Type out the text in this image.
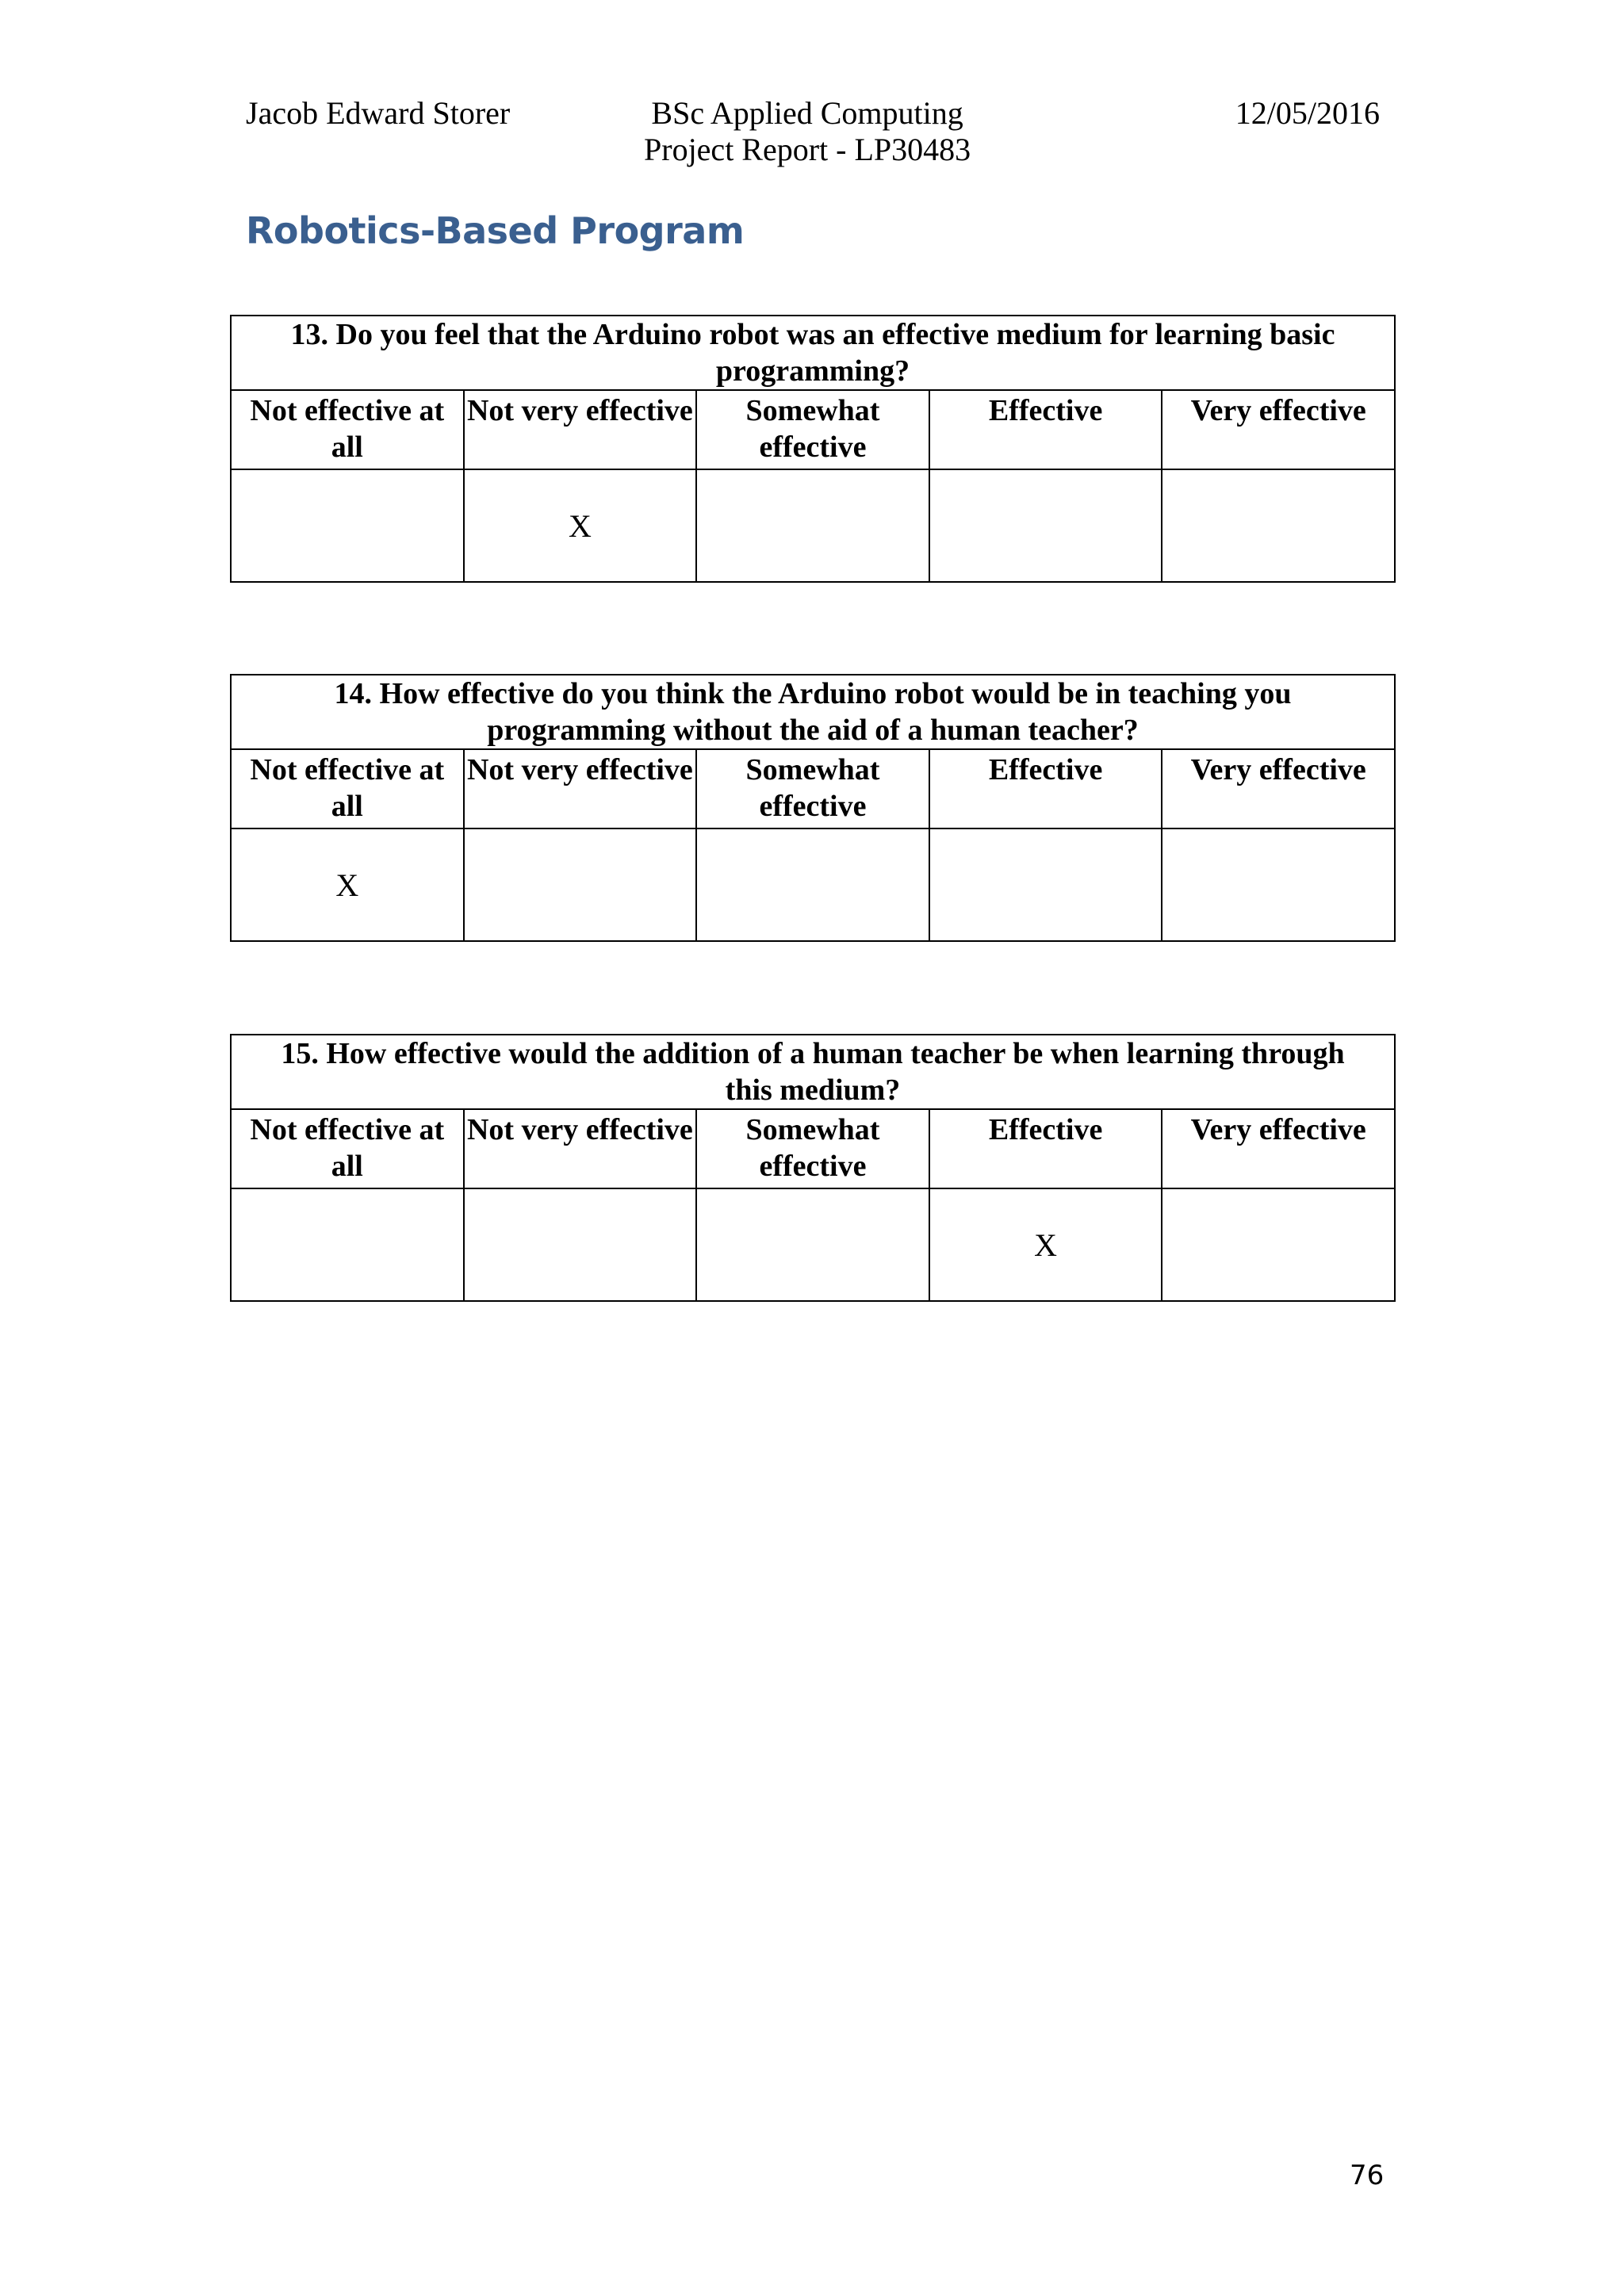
Jacob Edward Storer	BSc Applied Computing
Project Report - LP30483
12/05/2016
Robotics-Based Program
13. Do you feel that the Arduino robot was an effective medium for learning basic programming?				
Not effective at all	Not very effective	Somewhat effective	Effective	Very effective
	X			
14. How effective do you think the Arduino robot would be in teaching you programming without the aid of a human teacher?				
Not effective at all	Not very effective	Somewhat effective	Effective	Very effective
X				
15. How effective would the addition of a human teacher be when learning through this medium?				
Not effective at all	Not very effective	Somewhat effective	Effective	Very effective
			X	
76
